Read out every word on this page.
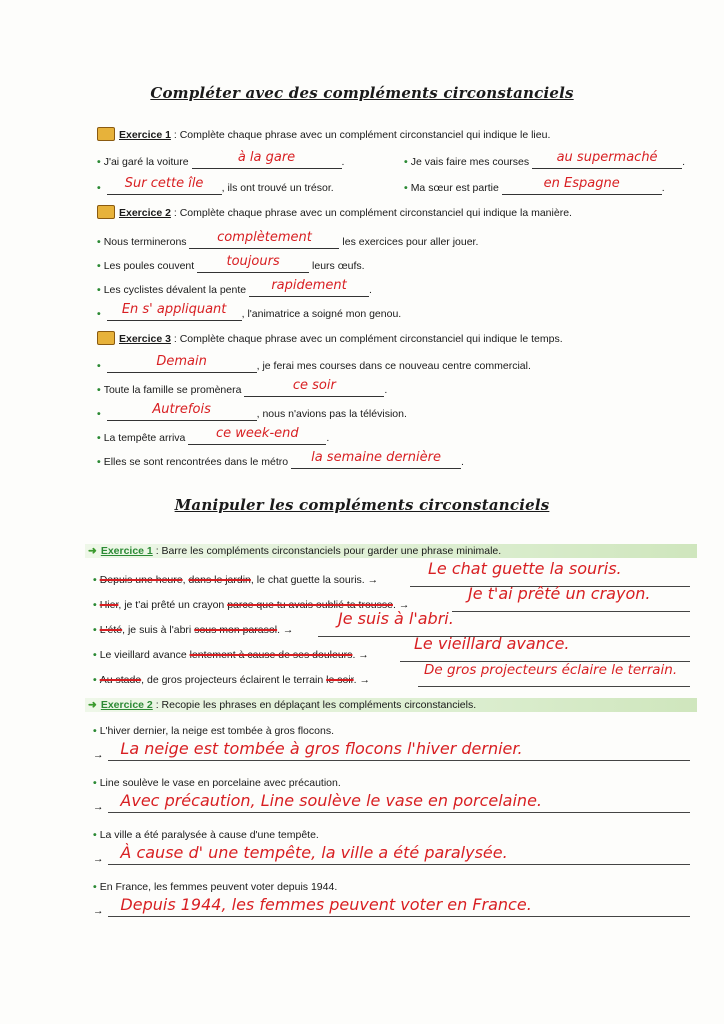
Compléter avec des compléments circonstanciels
Exercice 1 : Complète chaque phrase avec un complément circonstanciel qui indique le lieu.
• J'ai garé la voiture	à la gare	.
• Sur cette île , ils ont trouvé un trésor.
• Je vais faire mes courses au supermaché .
• Ma sœur est partie	en Espagne	.
Exercice 2 : Complète chaque phrase avec un complément circonstanciel qui indique la manière.
• Nous terminerons complètement	les exercices pour aller jouer.
• Les poules couvent toujours	leurs œufs.
• Les cyclistes dévalent la pente rapidement .
• En s' appliquant , l'animatrice a soigné mon genou.
Exercice 3 : Complète chaque phrase avec un complément circonstanciel qui indique le temps.
•	Demain	, je ferai mes courses dans ce nouveau centre commercial.
• Toute la famille se promènera	ce soir	.
•	Autrefois	, nous n'avions pas la télévision.
• La tempête arriva ce week-end	.
• Elles se sont rencontrées dans le métro la semaine dernière .
Manipuler les compléments circonstanciels
➜ Exercice 1 : Barre les compléments circonstanciels pour garder une phrase minimale.
• Depuis une heure, dans le jardin, le chat guette la souris. →
Le chat guette la souris.
• Hier, je t'ai prêté un crayon parce que tu avais oublié ta trousse. →
Je t'ai prêté un crayon.
• L'été, je suis à l'abri sous mon parasol. →
Je suis à l'abri.
• Le vieillard avance lentement à cause de ses douleurs. →
Le vieillard avance.
• Au stade, de gros projecteurs éclairent le terrain le soir. →
De gros projecteurs éclaire le terrain.
➜ Exercice 2 : Recopie les phrases en déplaçant les compléments circonstanciels.
• L'hiver dernier, la neige est tombée à gros flocons.
→ La neige est tombée à gros flocons l'hiver dernier.
• Line soulève le vase en porcelaine avec précaution.
→ Avec précaution, Line soulève le vase en porcelaine.
• La ville a été paralysée à cause d'une tempête.
→ À cause d' une tempête, la ville a été paralysée.
• En France, les femmes peuvent voter depuis 1944.
→ Depuis 1944, les femmes peuvent voter en France.
